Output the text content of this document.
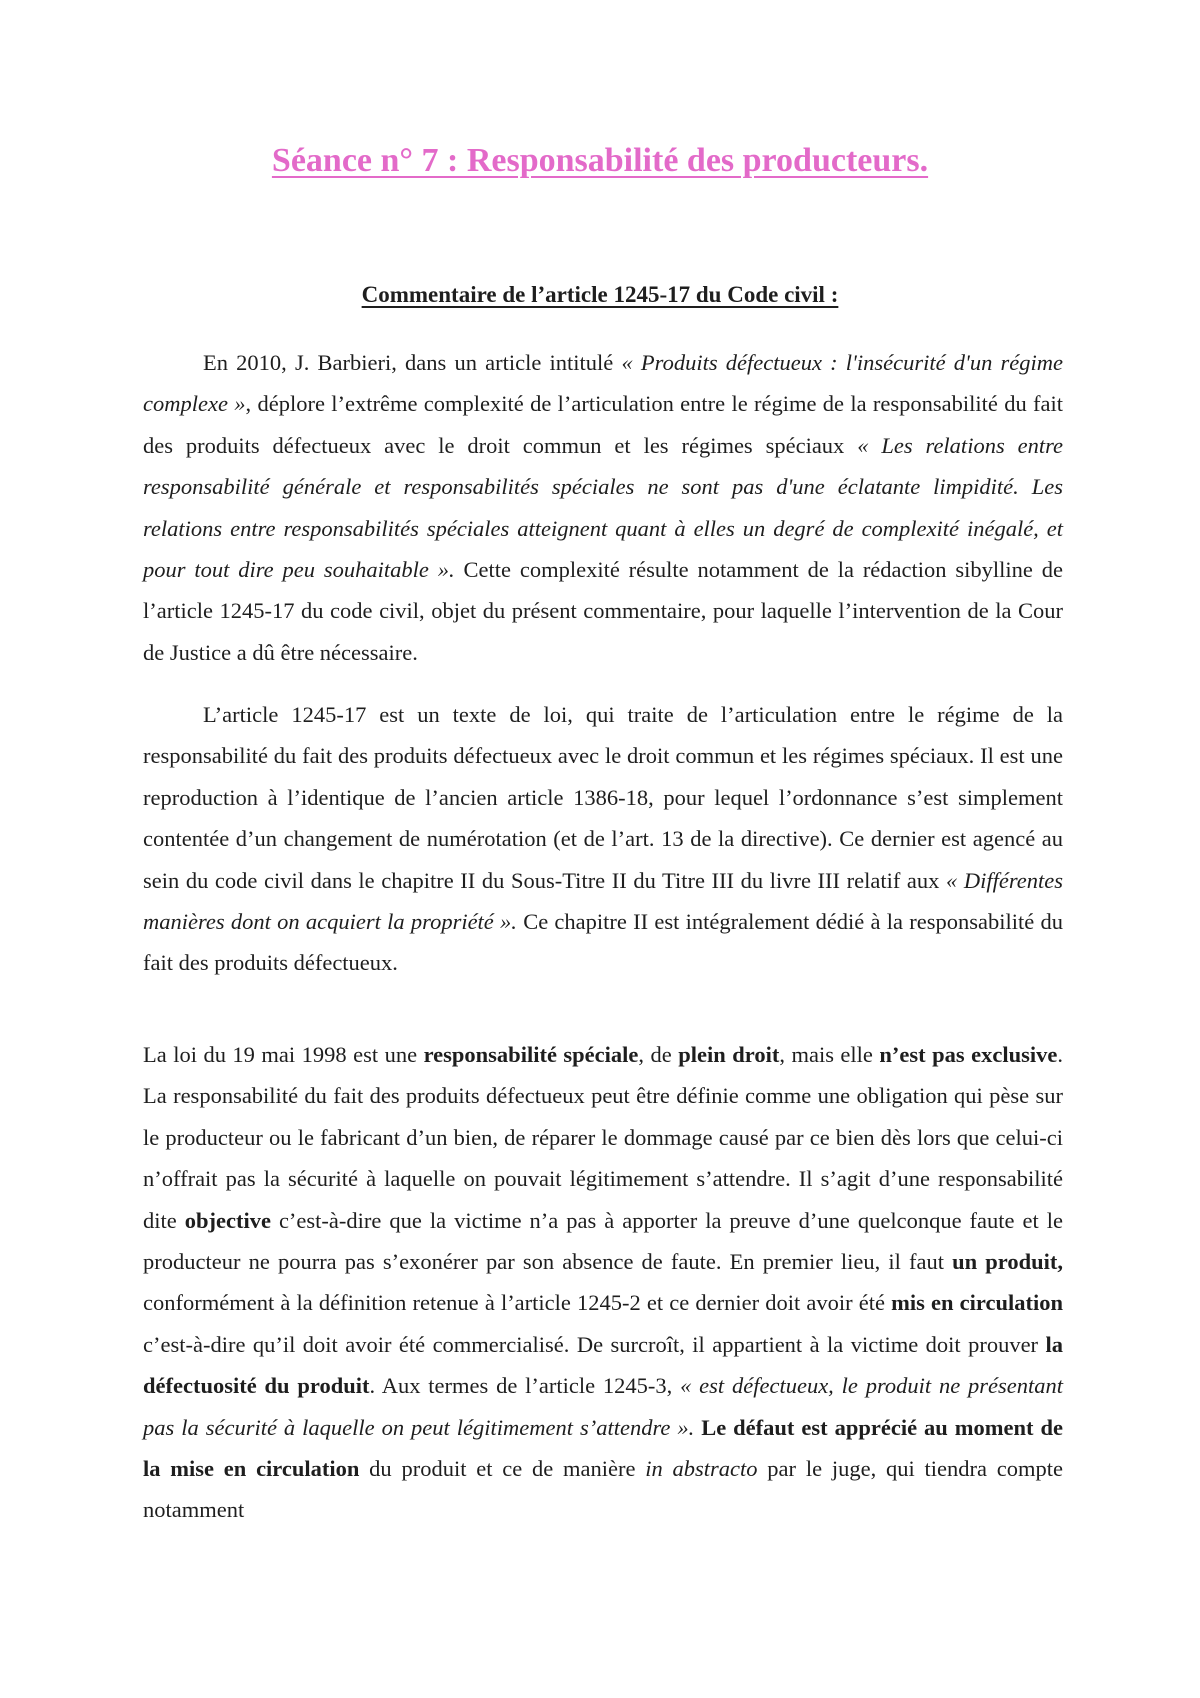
Séance n° 7 : Responsabilité des producteurs.
Commentaire de l’article 1245-17 du Code civil :

En 2010, J. Barbieri, dans un article intitulé « Produits défectueux : l'insécurité d'un régime complexe », déplore l’extrême complexité de l’articulation entre le régime de la responsabilité du fait des produits défectueux avec le droit commun et les régimes spéciaux « Les relations entre responsabilité générale et responsabilités spéciales ne sont pas d'une éclatante limpidité. Les relations entre responsabilités spéciales atteignent quant à elles un degré de complexité inégalé, et pour tout dire peu souhaitable ». Cette complexité résulte notamment de la rédaction sibylline de l’article 1245-17 du code civil, objet du présent commentaire, pour laquelle l’intervention de la Cour de Justice a dû être nécessaire.

L’article 1245-17 est un texte de loi, qui traite de l’articulation entre le régime de la responsabilité du fait des produits défectueux avec le droit commun et les régimes spéciaux. Il est une reproduction à l’identique de l’ancien article 1386-18, pour lequel l’ordonnance s’est simplement contentée d’un changement de numérotation (et de l’art. 13 de la directive). Ce dernier est agencé au sein du code civil dans le chapitre II du Sous-Titre II du Titre III du livre III relatif aux « Différentes manières dont on acquiert la propriété ». Ce chapitre II est intégralement dédié à la responsabilité du fait des produits défectueux.

La loi du 19 mai 1998 est une responsabilité spéciale, de plein droit, mais elle n’est pas exclusive. La responsabilité du fait des produits défectueux peut être définie comme une obligation qui pèse sur le producteur ou le fabricant d’un bien, de réparer le dommage causé par ce bien dès lors que celui-ci n’offrait pas la sécurité à laquelle on pouvait légitimement s’attendre. Il s’agit d’une responsabilité dite objective c’est-à-dire que la victime n’a pas à apporter la preuve d’une quelconque faute et le producteur ne pourra pas s’exonérer par son absence de faute. En premier lieu, il faut un produit, conformément à la définition retenue à l’article 1245-2 et ce dernier doit avoir été mis en circulation c’est-à-dire qu’il doit avoir été commercialisé. De surcroît, il appartient à la victime doit prouver la défectuosité du produit. Aux termes de l’article 1245-3, « est défectueux, le produit ne présentant pas la sécurité à laquelle on peut légitimement s’attendre ». Le défaut est apprécié au moment de la mise en circulation du produit et ce de manière in abstracto par le juge, qui tiendra compte notamment
